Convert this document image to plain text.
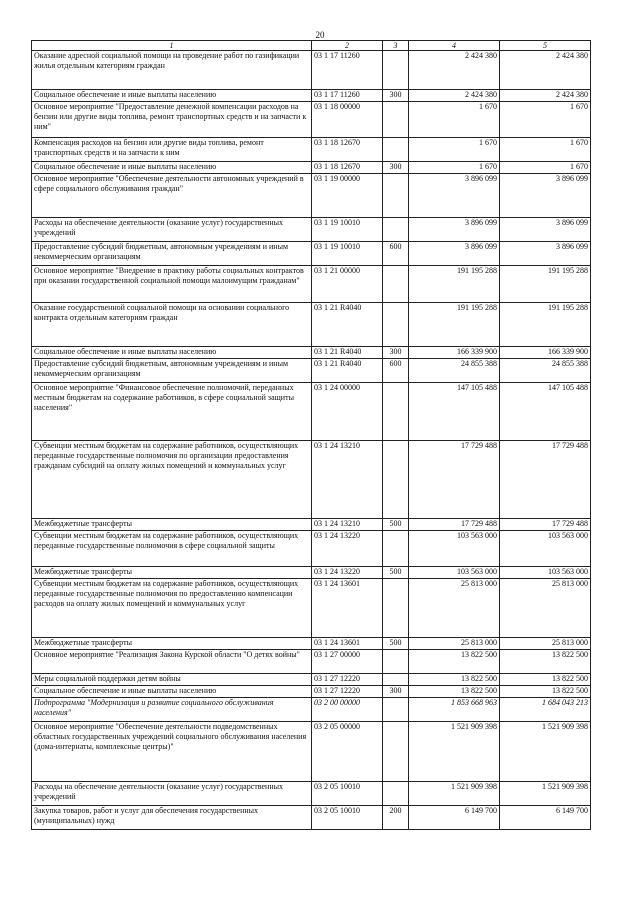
20
1	2	3	4	5
Оказание адресной социальной помощи на проведение работ по газификации жилья отдельным категориям граждан	03 1 17 11260		2 424 380	2 424 380
Социальное обеспечение и иные выплаты населению	03 1 17 11260	300	2 424 380	2 424 380
Основное мероприятие "Предоставление денежной компенсации расходов на бензин или другие виды топлива, ремонт транспортных средств и на запчасти к ним"	03 1 18 00000		1 670	1 670
Компенсация расходов на бензин или другие виды топлива, ремонт транспортных средств и на запчасти к ним	03 1 18 12670		1 670	1 670
Социальное обеспечение и иные выплаты населению	03 1 18 12670	300	1 670	1 670
Основное мероприятие "Обеспечение деятельности автономных учреждений в сфере социального обслуживания граждан"	03 1 19 00000		3 896 099	3 896 099
Расходы на обеспечение деятельности (оказание услуг) государственных учреждений	03 1 19 10010		3 896 099	3 896 099
Предоставление субсидий бюджетным, автономным учреждениям и иным некоммерческим организациям	03 1 19 10010	600	3 896 099	3 896 099
Основное мероприятие "Внедрение в практику работы социальных контрактов при оказании государственной социальной помощи малоимущим гражданам"	03 1 21 00000		191 195 288	191 195 288
Оказание государственной социальной помощи на основании социального контракта отдельным категориям граждан	03 1 21 R4040		191 195 288	191 195 288
Социальное обеспечение и иные выплаты населению	03 1 21 R4040	300	166 339 900	166 339 900
Предоставление субсидий бюджетным, автономным учреждениям и иным некоммерческим организациям	03 1 21 R4040	600	24 855 388	24 855 388
Основное мероприятие "Финансовое обеспечение полномочий, переданных местным бюджетам на содержание работников, в сфере социальной защиты населения"	03 1 24 00000		147 105 488	147 105 488
Субвенции местным бюджетам на содержание работников, осуществляющих переданные государственные полномочия по организации предоставления гражданам субсидий на оплату жилых помещений и коммунальных услуг	03 1 24 13210		17 729 488	17 729 488
Межбюджетные трансферты	03 1 24 13210	500	17 729 488	17 729 488
Субвенции местным бюджетам на содержание работников, осуществляющих переданные государственные полномочия в сфере социальной защиты	03 1 24 13220		103 563 000	103 563 000
Межбюджетные трансферты	03 1 24 13220	500	103 563 000	103 563 000
Субвенции местным бюджетам на содержание работников, осуществляющих переданные государственные полномочия по предоставлению компенсации расходов на оплату жилых помещений и коммунальных услуг	03 1 24 13601		25 813 000	25 813 000
Межбюджетные трансферты	03 1 24 13601	500	25 813 000	25 813 000
Основное мероприятие "Реализация Закона Курской области "О детях войны"	03 1 27 00000		13 822 500	13 822 500
Меры социальной поддержки детям войны	03 1 27 12220		13 822 500	13 822 500
Социальное обеспечение и иные выплаты населению	03 1 27 12220	300	13 822 500	13 822 500
Подпрограмма "Модернизация и развитие социального обслуживания населения"	03 2 00 00000		1 853 668 963	1 684 043 213
Основное мероприятие "Обеспечение деятельности подведомственных областных государственных учреждений социального обслуживания населения (дома-интернаты, комплексные центры)"	03 2 05 00000		1 521 909 398	1 521 909 398
Расходы на обеспечение деятельности (оказание услуг) государственных учреждений	03 2 05 10010		1 521 909 398	1 521 909 398
Закупка товаров, работ и услуг для обеспечения государственных (муниципальных) нужд	03 2 05 10010	200	6 149 700	6 149 700
